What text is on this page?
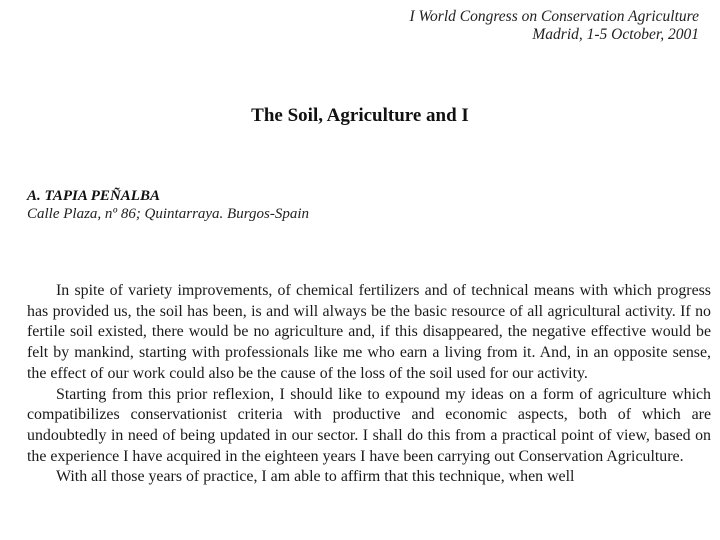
I World Congress on Conservation Agriculture
Madrid, 1-5 October, 2001
The Soil, Agriculture and I
A. TAPIA PEÑALBA
Calle Plaza, nº 86; Quintarraya. Burgos-Spain

In spite of variety improvements, of chemical fertilizers and of technical means with which progress has provided us, the soil has been, is and will always be the basic resource of all agricultural activity. If no fertile soil existed, there would be no agriculture and, if this disappeared, the negative effective would be felt by mankind, starting with professionals like me who earn a living from it. And, in an opposite sense, the effect of our work could also be the cause of the loss of the soil used for our activity.

Starting from this prior reflexion, I should like to expound my ideas on a form of agriculture which compatibilizes conservationist criteria with productive and economic aspects, both of which are undoubtedly in need of being updated in our sector. I shall do this from a practical point of view, based on the experience I have acquired in the eighteen years I have been carrying out Conservation Agriculture.

With all those years of practice, I am able to affirm that this technique, when well
